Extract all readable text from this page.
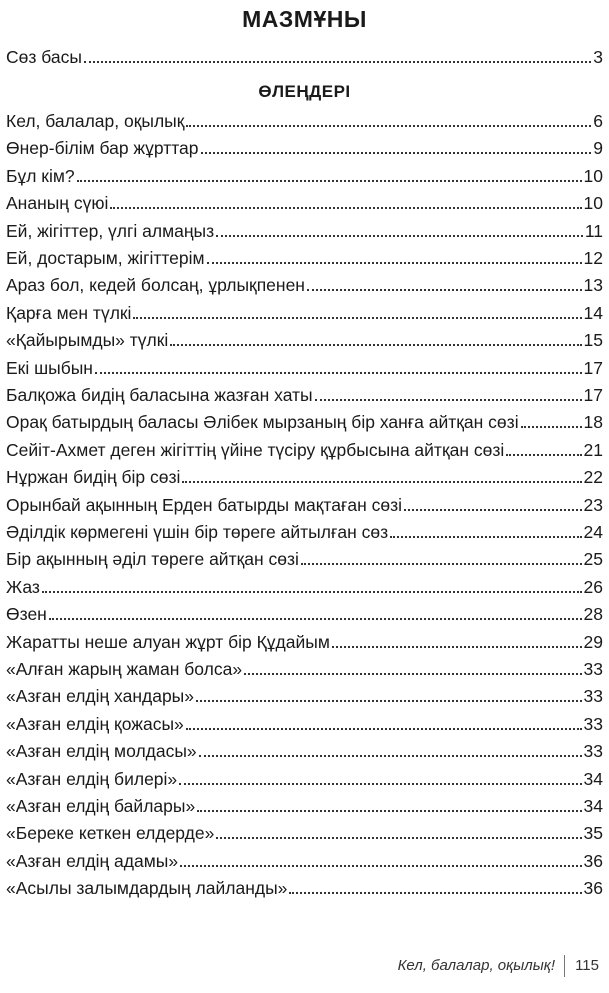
МАЗМҰНЫ
Сөз басы	3
ӨЛЕҢДЕРІ
Кел, балалар, оқылық	6
Өнер-білім бар жұрттар	9
Бұл кім?	10
Ананың сүюі	10
Ей, жігіттер, үлгі алмаңыз	11
Ей, достарым, жігіттерім	12
Араз бол, кедей болсаң, ұрлықпенен	13
Қарға мен түлкі	14
«Қайырымды» түлкі	15
Екі шыбын	17
Балқожа бидің баласына жазған хаты	17
Орақ батырдың баласы Әлібек мырзаның бір ханға айтқан сөзі	18
Сейіт-Ахмет деген жігіттің үйіне түсіру құрбысына айтқан сөзі	21
Нұржан бидің бір сөзі	22
Орынбай ақынның Ерден батырды мақтаған сөзі	23
Әділдік көрмегені үшін бір төреге айтылған сөз	24
Бір ақынның әділ төреге айтқан сөзі	25
Жаз	26
Өзен	28
Жаратты неше алуан жұрт бір Құдайым	29
«Алған жарың жаман болса»	33
«Азған елдің хандары»	33
«Азған елдің қожасы»	33
«Азған елдің молдасы»	33
«Азған елдің билері»	34
«Азған елдің байлары»	34
«Береке кеткен елдерде»	35
«Азған елдің адамы»	36
«Асылы залымдардың лайланды»	36
Кел, балалар, оқылық! 115
